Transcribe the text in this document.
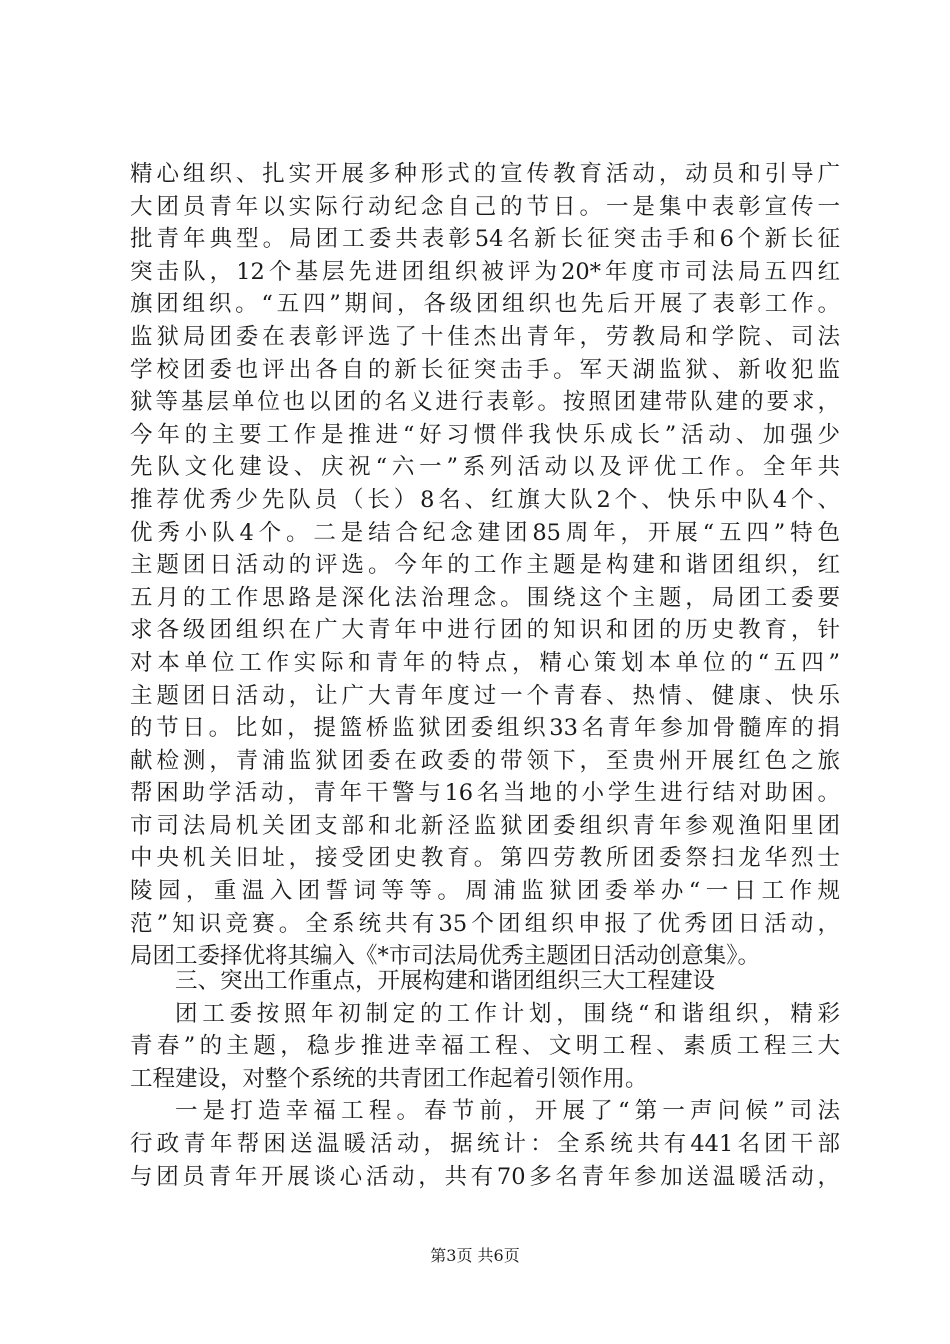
精心组织、扎实开展多种形式的宣传教育活动，动员和引导广
大团员青年以实际行动纪念自己的节日。一是集中表彰宣传一
批青年典型。局团工委共表彰54名新长征突击手和6个新长征
突击队，12个基层先进团组织被评为20*年度市司法局五四红
旗团组织。“五四”期间，各级团组织也先后开展了表彰工作。
监狱局团委在表彰评选了十佳杰出青年，劳教局和学院、司法
学校团委也评出各自的新长征突击手。军天湖监狱、新收犯监
狱等基层单位也以团的名义进行表彰。按照团建带队建的要求，
今年的主要工作是推进“好习惯伴我快乐成长”活动、加强少
先队文化建设、庆祝“六一”系列活动以及评优工作。全年共
推荐优秀少先队员（长）8名、红旗大队2个、快乐中队4个、
优秀小队4个。二是结合纪念建团85周年，开展“五四”特色
主题团日活动的评选。今年的工作主题是构建和谐团组织，红
五月的工作思路是深化法治理念。围绕这个主题，局团工委要
求各级团组织在广大青年中进行团的知识和团的历史教育，针
对本单位工作实际和青年的特点，精心策划本单位的“五四”
主题团日活动，让广大青年度过一个青春、热情、健康、快乐
的节日。比如，提篮桥监狱团委组织33名青年参加骨髓库的捐
献检测，青浦监狱团委在政委的带领下，至贵州开展红色之旅
帮困助学活动，青年干警与16名当地的小学生进行结对助困。
市司法局机关团支部和北新泾监狱团委组织青年参观渔阳里团
中央机关旧址，接受团史教育。第四劳教所团委祭扫龙华烈士
陵园，重温入团誓词等等。周浦监狱团委举办“一日工作规
范”知识竞赛。全系统共有35个团组织申报了优秀团日活动，
局团工委择优将其编入《*市司法局优秀主题团日活动创意集》。
三、突出工作重点，开展构建和谐团组织三大工程建设
团工委按照年初制定的工作计划，围绕“和谐组织，精彩
青春”的主题，稳步推进幸福工程、文明工程、素质工程三大
工程建设，对整个系统的共青团工作起着引领作用。
一是打造幸福工程。春节前，开展了“第一声问候”司法
行政青年帮困送温暖活动，据统计：全系统共有441名团干部
与团员青年开展谈心活动，共有70多名青年参加送温暖活动，
第3页 共6页
